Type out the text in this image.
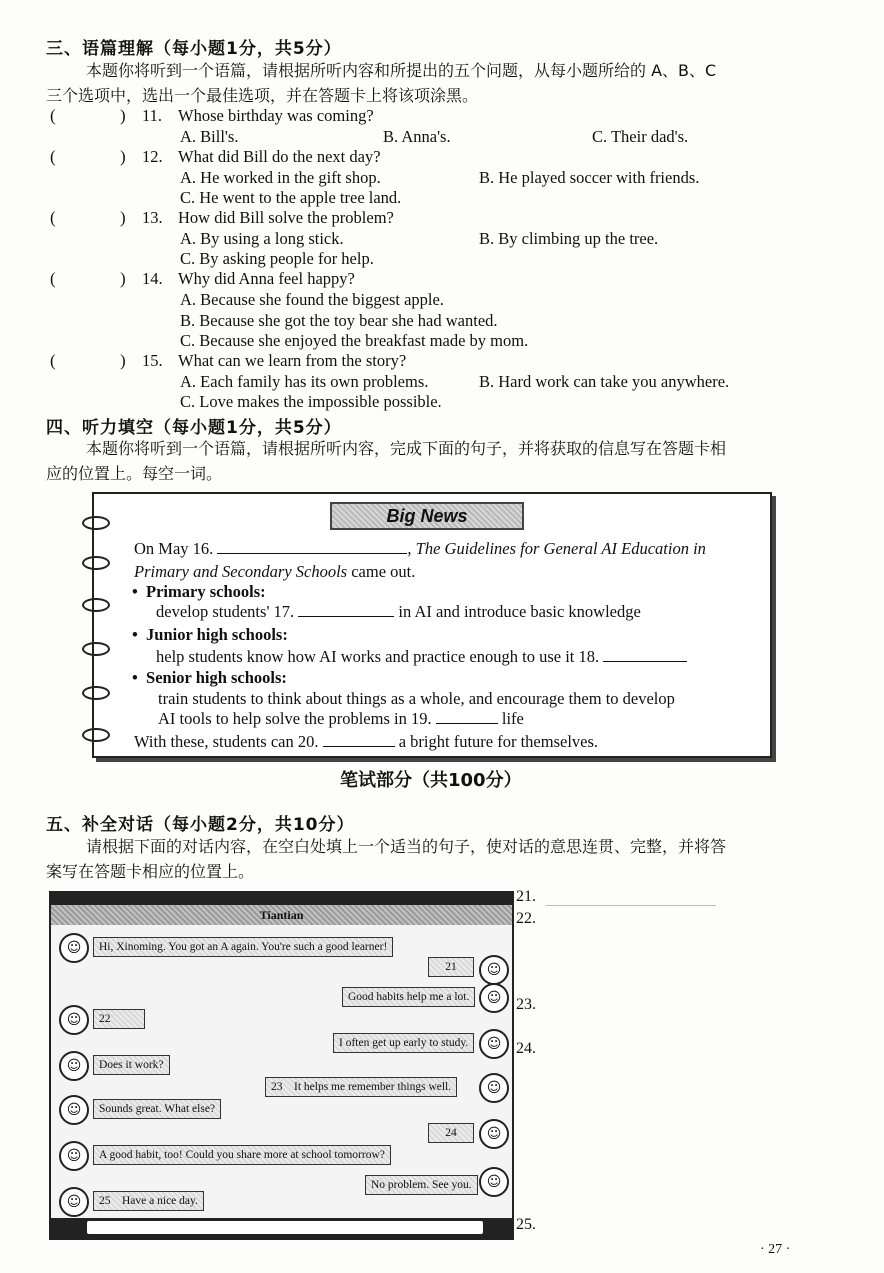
三、语篇理解（每小题1分，共5分）
本题你将听到一个语篇，请根据所听内容和所提出的五个问题，从每小题所给的 A、B、C
三个选项中，选出一个最佳选项，并在答题卡上将该项涂黑。
(	) 11. Whose birthday was coming?
A. Bill's.	B. Anna's.	C. Their dad's.
(	) 12. What did Bill do the next day?
A. He worked in the gift shop.	B. He played soccer with friends.
C. He went to the apple tree land.
(	) 13. How did Bill solve the problem?
A. By using a long stick.	B. By climbing up the tree.
C. By asking people for help.
(	) 14. Why did Anna feel happy?
A. Because she found the biggest apple.
B. Because she got the toy bear she had wanted.
C. Because she enjoyed the breakfast made by mom.
(	) 15. What can we learn from the story?
A. Each family has its own problems.	B. Hard work can take you anywhere.
C. Love makes the impossible possible.
四、听力填空（每小题1分，共5分）
本题你将听到一个语篇，请根据所听内容，完成下面的句子，并将获取的信息写在答题卡相
应的位置上。每空一词。
Big News
On May 16.	, The Guidelines for General AI Education in
Primary and Secondary Schools came out.
• Primary schools:
develop students' 17.	in AI and introduce basic knowledge
• Junior high schools:
help students know how AI works and practice enough to use it 18.
• Senior high schools:
train students to think about things as a whole, and encourage them to develop
AI tools to help solve the problems in 19.	life
With these, students can 20.	a bright future for themselves.
笔试部分（共100分）
五、补全对话（每小题2分，共10分）
请根据下面的对话内容，在空白处填上一个适当的句子，使对话的意思连贯、完整，并将答
案写在答题卡相应的位置上。
Tiantian
☺	Hi, Xinoming. You got an A again. You're such a good learner!
☺
21
☺
Good habits help me a lot.
☺	22
☺
I often get up early to study.
☺	Does it work?
☺
23    It helps me remember things well.
☺	Sounds great. What else?
☺
24
☺	A good habit, too! Could you share more at school tomorrow?
☺
No problem. See you.
☺	25    Have a nice day.
21.
22.
23.
24.
25.
· 27 ·
